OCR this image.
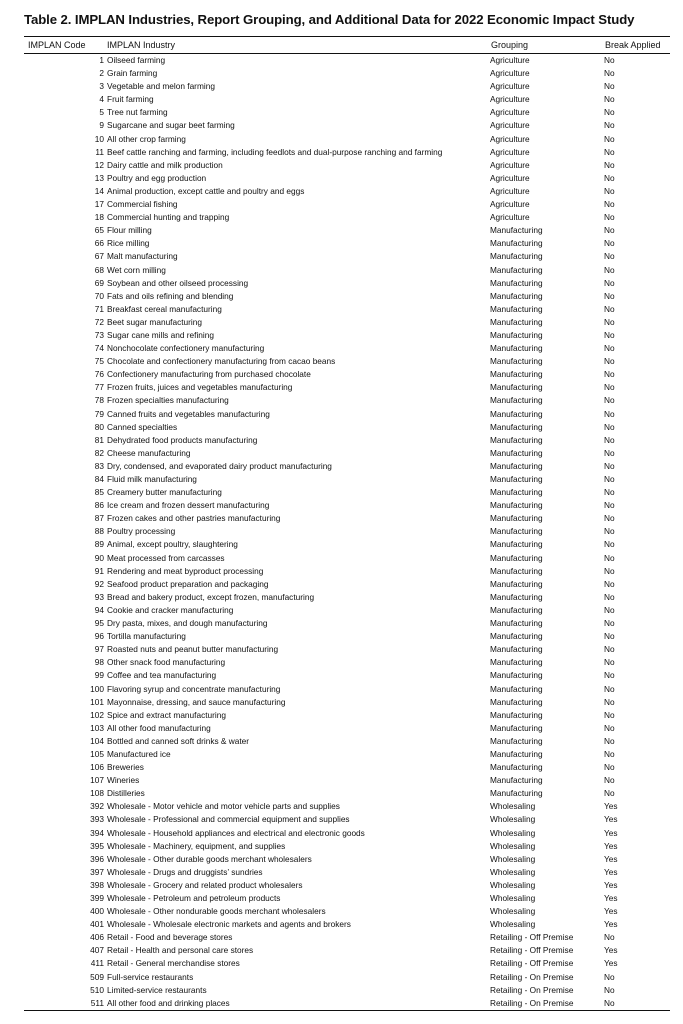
Table 2. IMPLAN Industries, Report Grouping, and Additional Data for 2022 Economic Impact Study
IMPLAN Code IMPLAN Industry	Grouping	Break Applied
1	Oilseed farming	Agriculture	No
2	Grain farming	Agriculture	No
3	Vegetable and melon farming	Agriculture	No
4	Fruit farming	Agriculture	No
5	Tree nut farming	Agriculture	No
9	Sugarcane and sugar beet farming	Agriculture	No
10	All other crop farming	Agriculture	No
11	Beef cattle ranching and farming, including feedlots and dual-purpose ranching and farming	Agriculture	No
12	Dairy cattle and milk production	Agriculture	No
13	Poultry and egg production	Agriculture	No
14	Animal production, except cattle and poultry and eggs	Agriculture	No
17	Commercial fishing	Agriculture	No
18	Commercial hunting and trapping	Agriculture	No
65	Flour milling	Manufacturing	No
66	Rice milling	Manufacturing	No
67	Malt manufacturing	Manufacturing	No
68	Wet corn milling	Manufacturing	No
69	Soybean and other oilseed processing	Manufacturing	No
70	Fats and oils refining and blending	Manufacturing	No
71	Breakfast cereal manufacturing	Manufacturing	No
72	Beet sugar manufacturing	Manufacturing	No
73	Sugar cane mills and refining	Manufacturing	No
74	Nonchocolate confectionery manufacturing	Manufacturing	No
75	Chocolate and confectionery manufacturing from cacao beans	Manufacturing	No
76	Confectionery manufacturing from purchased chocolate	Manufacturing	No
77	Frozen fruits, juices and vegetables manufacturing	Manufacturing	No
78	Frozen specialties manufacturing	Manufacturing	No
79	Canned fruits and vegetables manufacturing	Manufacturing	No
80	Canned specialties	Manufacturing	No
81	Dehydrated food products manufacturing	Manufacturing	No
82	Cheese manufacturing	Manufacturing	No
83	Dry, condensed, and evaporated dairy product manufacturing	Manufacturing	No
84	Fluid milk manufacturing	Manufacturing	No
85	Creamery butter manufacturing	Manufacturing	No
86	Ice cream and frozen dessert manufacturing	Manufacturing	No
87	Frozen cakes and other pastries manufacturing	Manufacturing	No
88	Poultry processing	Manufacturing	No
89	Animal, except poultry, slaughtering	Manufacturing	No
90	Meat processed from carcasses	Manufacturing	No
91	Rendering and meat byproduct processing	Manufacturing	No
92	Seafood product preparation and packaging	Manufacturing	No
93	Bread and bakery product, except frozen, manufacturing	Manufacturing	No
94	Cookie and cracker manufacturing	Manufacturing	No
95	Dry pasta, mixes, and dough manufacturing	Manufacturing	No
96	Tortilla manufacturing	Manufacturing	No
97	Roasted nuts and peanut butter manufacturing	Manufacturing	No
98	Other snack food manufacturing	Manufacturing	No
99	Coffee and tea manufacturing	Manufacturing	No
100	Flavoring syrup and concentrate manufacturing	Manufacturing	No
101	Mayonnaise, dressing, and sauce manufacturing	Manufacturing	No
102	Spice and extract manufacturing	Manufacturing	No
103	All other food manufacturing	Manufacturing	No
104	Bottled and canned soft drinks & water	Manufacturing	No
105	Manufactured ice	Manufacturing	No
106	Breweries	Manufacturing	No
107	Wineries	Manufacturing	No
108	Distilleries	Manufacturing	No
392	Wholesale - Motor vehicle and motor vehicle parts and supplies	Wholesaling	Yes
393	Wholesale - Professional and commercial equipment and supplies	Wholesaling	Yes
394	Wholesale - Household appliances and electrical and electronic goods	Wholesaling	Yes
395	Wholesale - Machinery, equipment, and supplies	Wholesaling	Yes
396	Wholesale - Other durable goods merchant wholesalers	Wholesaling	Yes
397	Wholesale - Drugs and druggists’ sundries	Wholesaling	Yes
398	Wholesale - Grocery and related product wholesalers	Wholesaling	Yes
399	Wholesale - Petroleum and petroleum products	Wholesaling	Yes
400	Wholesale - Other nondurable goods merchant wholesalers	Wholesaling	Yes
401	Wholesale - Wholesale electronic markets and agents and brokers	Wholesaling	Yes
406	Retail - Food and beverage stores	Retailing - Off Premise	No
407	Retail - Health and personal care stores	Retailing - Off Premise	Yes
411	Retail - General merchandise stores	Retailing - Off Premise	Yes
509	Full-service restaurants	Retailing - On Premise	No
510	Limited-service restaurants	Retailing - On Premise	No
511	All other food and drinking places	Retailing - On Premise	No
